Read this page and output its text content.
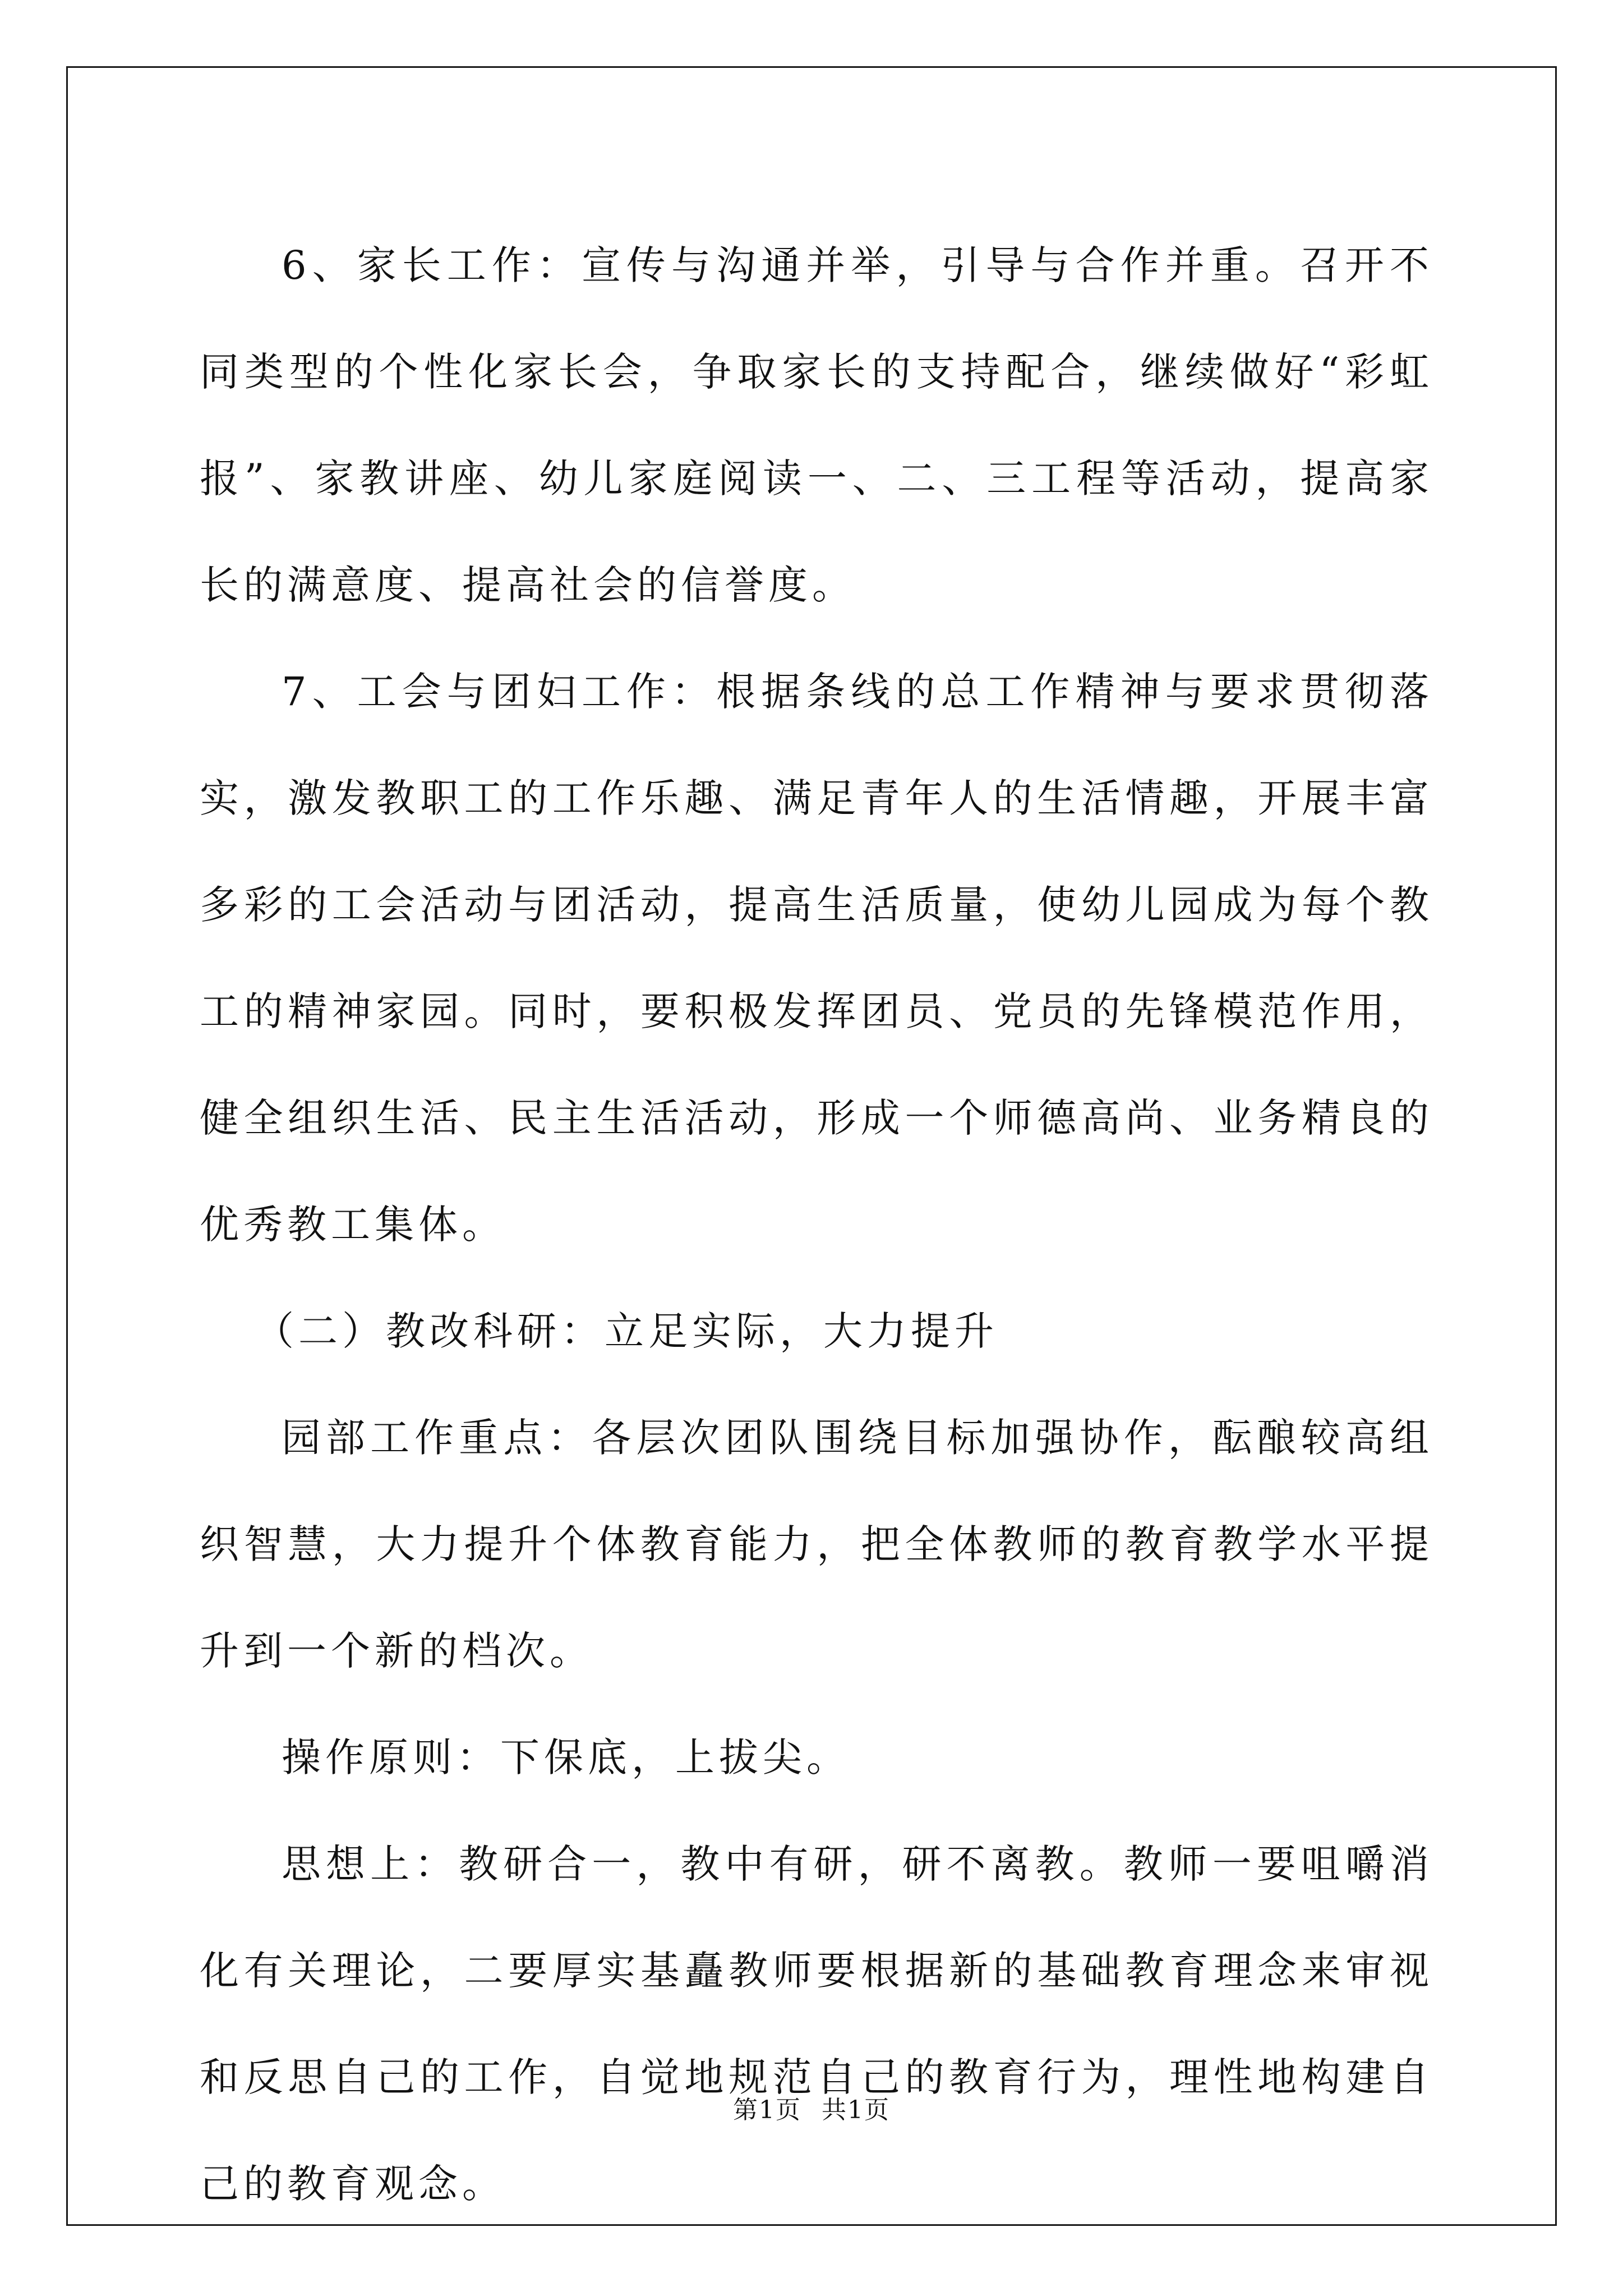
6、家长工作：宣传与沟通并举，引导与合作并重。召开不同类型的个性化家长会，争取家长的支持配合，继续做好“彩虹报”、家教讲座、幼儿家庭阅读一、二、三工程等活动，提高家长的满意度、提高社会的信誉度。

7、工会与团妇工作：根据条线的总工作精神与要求贯彻落实，激发教职工的工作乐趣、满足青年人的生活情趣，开展丰富多彩的工会活动与团活动，提高生活质量，使幼儿园成为每个教工的精神家园。同时，要积极发挥团员、党员的先锋模范作用，健全组织生活、民主生活活动，形成一个师德高尚、业务精良的优秀教工集体。

（二）教改科研：立足实际，大力提升

园部工作重点：各层次团队围绕目标加强协作，酝酿较高组织智慧，大力提升个体教育能力，把全体教师的教育教学水平提升到一个新的档次。

操作原则：下保底，上拔尖。

思想上：教研合一，教中有研，研不离教。教师一要咀嚼消化有关理论，二要厚实基矗教师要根据新的基础教育理念来审视和反思自己的工作，自觉地规范自己的教育行为，理性地构建自己的教育观念。

第1页 共1页
